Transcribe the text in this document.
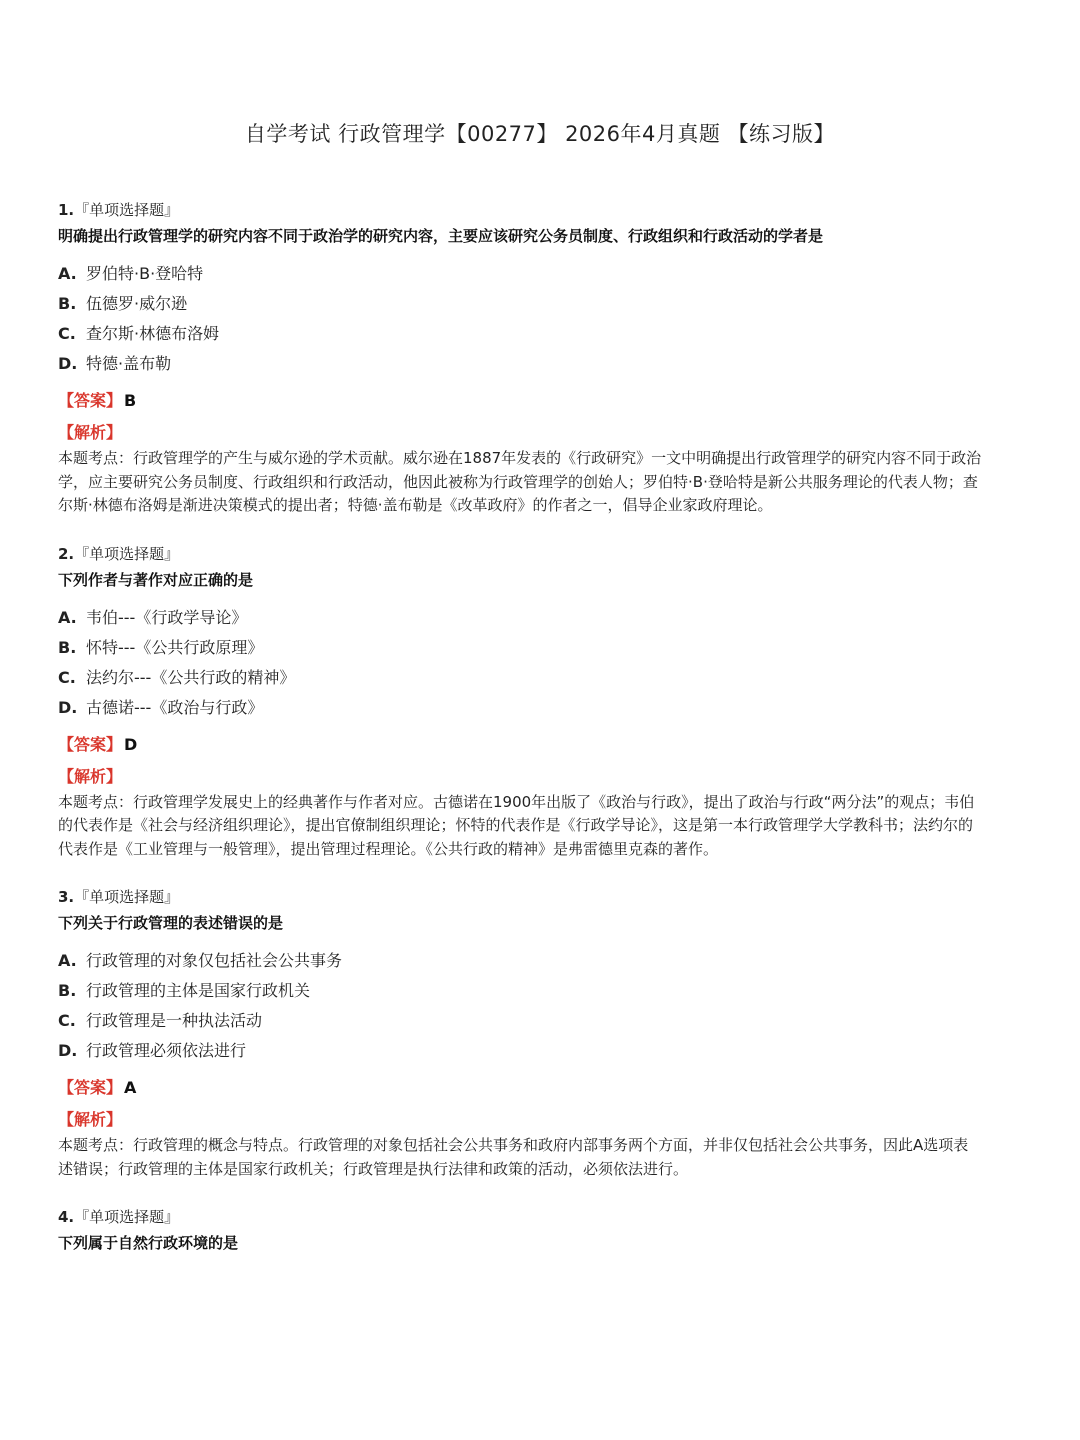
自学考试 行政管理学【00277】 2026年4月真题 【练习版】
1.『单项选择题』
明确提出行政管理学的研究内容不同于政治学的研究内容，主要应该研究公务员制度、行政组织和行政活动的学者是
A. 罗伯特·B·登哈特
B. 伍德罗·威尔逊
C. 查尔斯·林德布洛姆
D. 特德·盖布勒
【答案】 B
【解析】
本题考点：行政管理学的产生与威尔逊的学术贡献。威尔逊在1887年发表的《行政研究》一文中明确提出行政管理学的研究内容不同于政治学，应主要研究公务员制度、行政组织和行政活动，他因此被称为行政管理学的创始人；罗伯特·B·登哈特是新公共服务理论的代表人物；查尔斯·林德布洛姆是渐进决策模式的提出者；特德·盖布勒是《改革政府》的作者之一，倡导企业家政府理论。
2.『单项选择题』
下列作者与著作对应正确的是
A. 韦伯---《行政学导论》
B. 怀特---《公共行政原理》
C. 法约尔---《公共行政的精神》
D. 古德诺---《政治与行政》
【答案】 D
【解析】
本题考点：行政管理学发展史上的经典著作与作者对应。古德诺在1900年出版了《政治与行政》，提出了政治与行政“两分法”的观点；韦伯的代表作是《社会与经济组织理论》，提出官僚制组织理论；怀特的代表作是《行政学导论》，这是第一本行政管理学大学教科书；法约尔的代表作是《工业管理与一般管理》，提出管理过程理论。《公共行政的精神》是弗雷德里克森的著作。
3.『单项选择题』
下列关于行政管理的表述错误的是
A. 行政管理的对象仅包括社会公共事务
B. 行政管理的主体是国家行政机关
C. 行政管理是一种执法活动
D. 行政管理必须依法进行
【答案】 A
【解析】
本题考点：行政管理的概念与特点。行政管理的对象包括社会公共事务和政府内部事务两个方面，并非仅包括社会公共事务，因此A选项表述错误；行政管理的主体是国家行政机关；行政管理是执行法律和政策的活动，必须依法进行。
4.『单项选择题』
下列属于自然行政环境的是
